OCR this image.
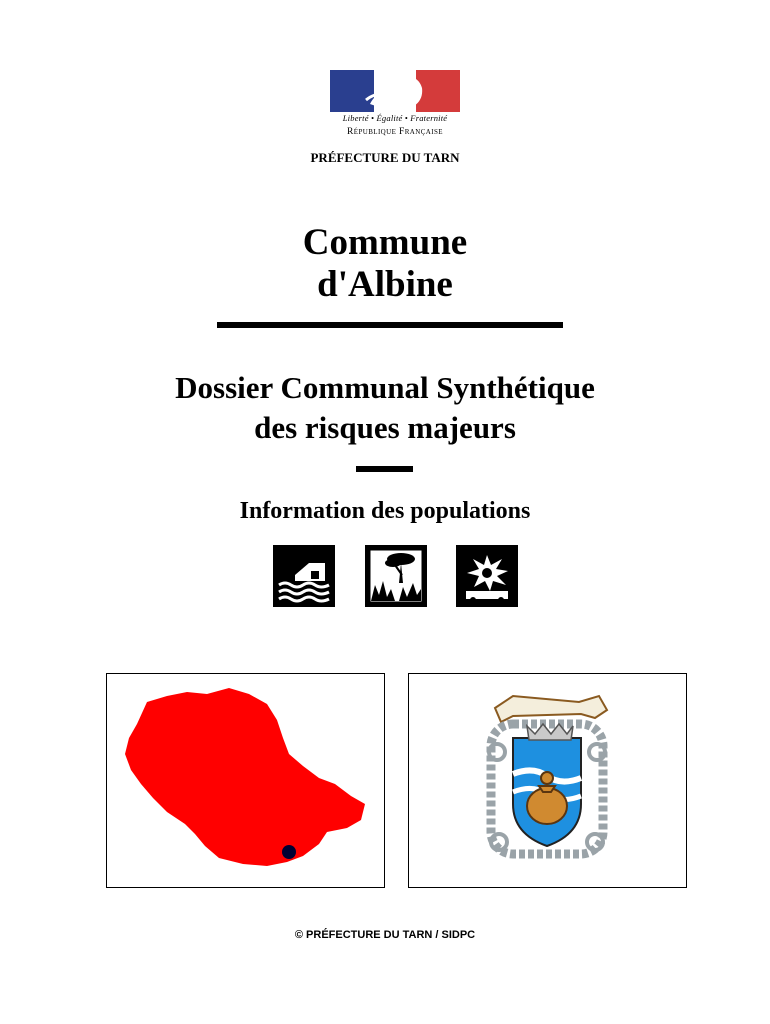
Liberté • Égalité • Fraternité
République Française
PRÉFECTURE DU TARN
Commune
d'Albine
Dossier Communal Synthétique
des risques majeurs
Information des populations
© PRÉFECTURE DU TARN / SIDPC
